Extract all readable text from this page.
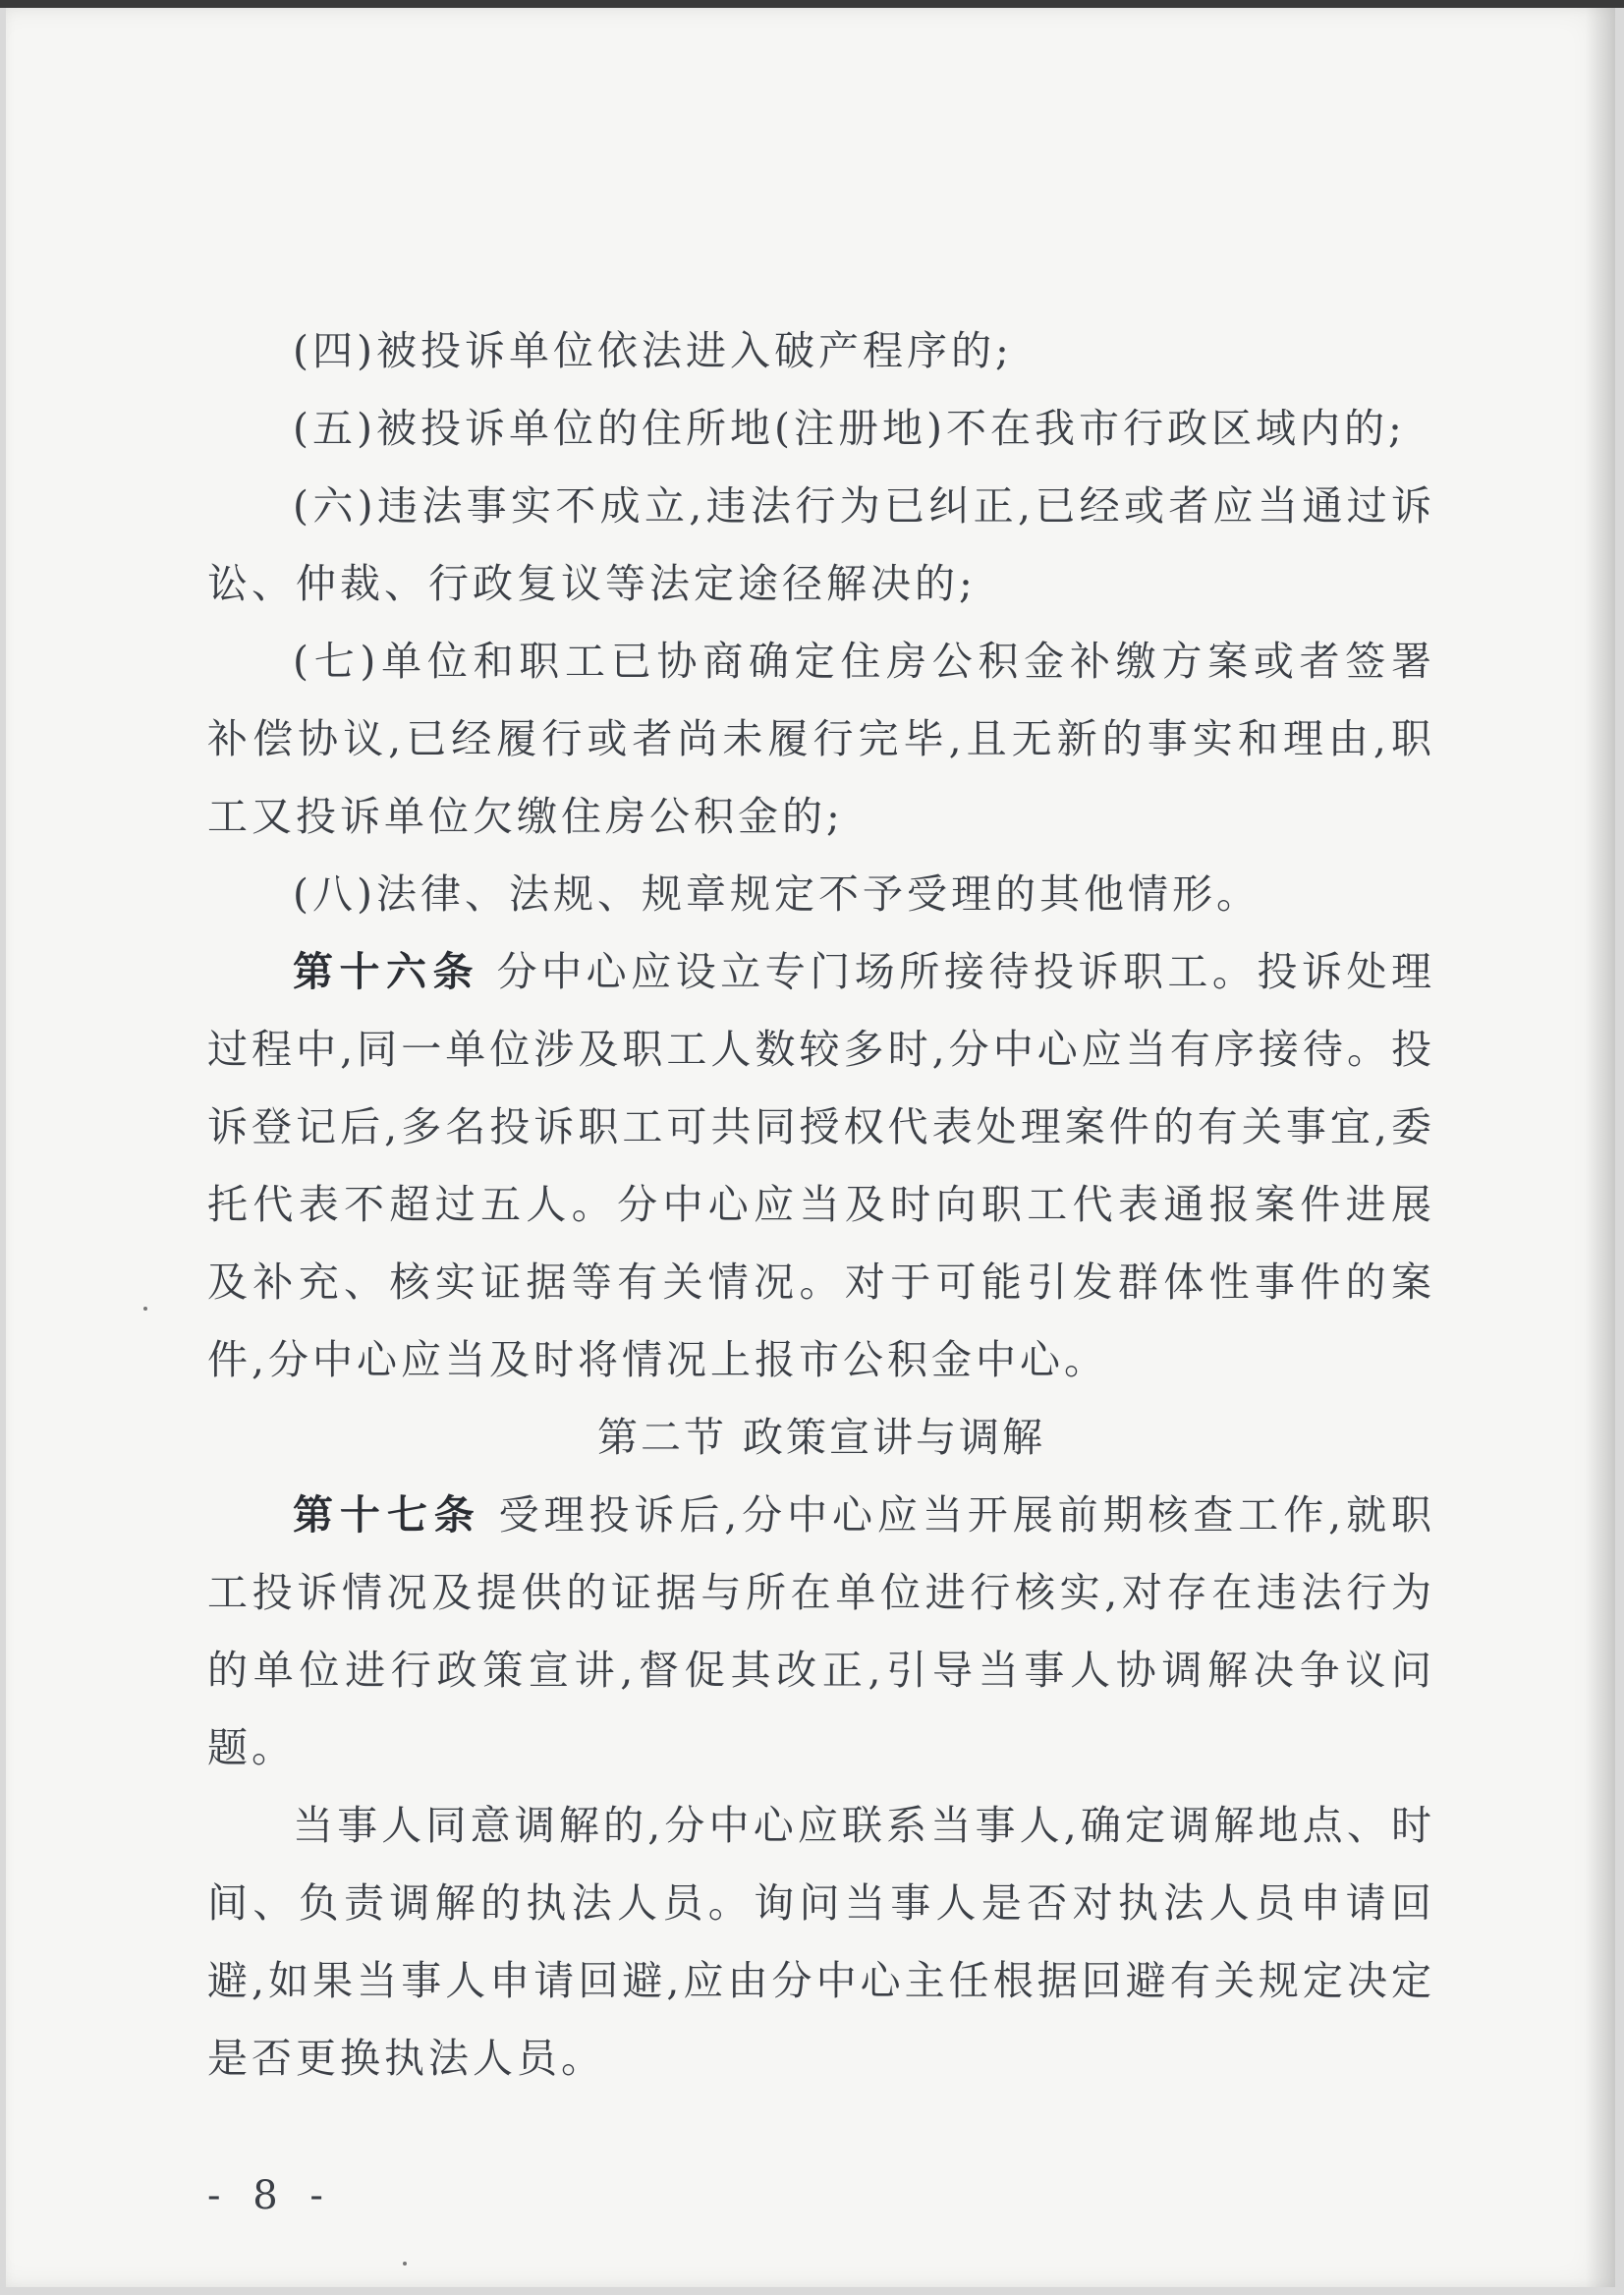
(四)被投诉单位依法进入破产程序的;

(五)被投诉单位的住所地(注册地)不在我市行政区域内的;

(六)违法事实不成立,违法行为已纠正,已经或者应当通过诉讼、仲裁、行政复议等法定途径解决的;

(七)单位和职工已协商确定住房公积金补缴方案或者签署补偿协议,已经履行或者尚未履行完毕,且无新的事实和理由,职工又投诉单位欠缴住房公积金的;

(八)法律、法规、规章规定不予受理的其他情形。

第十六条 分中心应设立专门场所接待投诉职工。投诉处理过程中,同一单位涉及职工人数较多时,分中心应当有序接待。投诉登记后,多名投诉职工可共同授权代表处理案件的有关事宜,委托代表不超过五人。分中心应当及时向职工代表通报案件进展及补充、核实证据等有关情况。对于可能引发群体性事件的案件,分中心应当及时将情况上报市公积金中心。

第二节 政策宣讲与调解

第十七条 受理投诉后,分中心应当开展前期核查工作,就职工投诉情况及提供的证据与所在单位进行核实,对存在违法行为的单位进行政策宣讲,督促其改正,引导当事人协调解决争议问题。

当事人同意调解的,分中心应联系当事人,确定调解地点、时间、负责调解的执法人员。询问当事人是否对执法人员申请回避,如果当事人申请回避,应由分中心主任根据回避有关规定决定是否更换执法人员。

- 8 -
